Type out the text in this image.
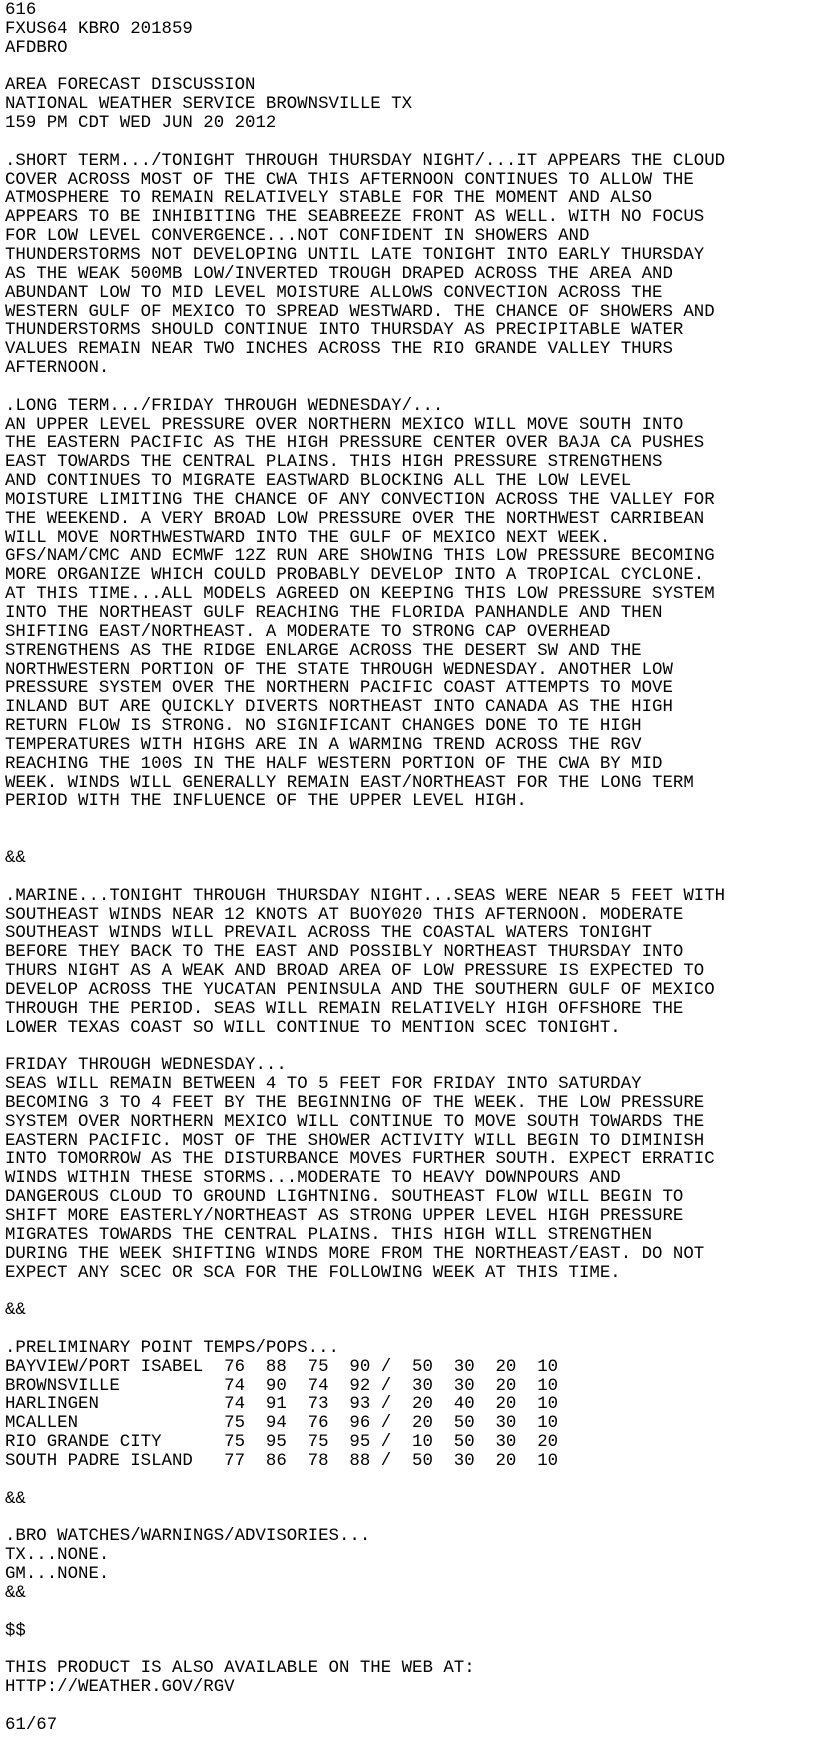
616
FXUS64 KBRO 201859
AFDBRO
AREA FORECAST DISCUSSION
NATIONAL WEATHER SERVICE BROWNSVILLE TX
159 PM CDT WED JUN 20 2012
.SHORT TERM.../TONIGHT THROUGH THURSDAY NIGHT/...IT APPEARS THE CLOUD
COVER ACROSS MOST OF THE CWA THIS AFTERNOON CONTINUES TO ALLOW THE
ATMOSPHERE TO REMAIN RELATIVELY STABLE FOR THE MOMENT AND ALSO
APPEARS TO BE INHIBITING THE SEABREEZE FRONT AS WELL. WITH NO FOCUS
FOR LOW LEVEL CONVERGENCE...NOT CONFIDENT IN SHOWERS AND
THUNDERSTORMS NOT DEVELOPING UNTIL LATE TONIGHT INTO EARLY THURSDAY
AS THE WEAK 500MB LOW/INVERTED TROUGH DRAPED ACROSS THE AREA AND
ABUNDANT LOW TO MID LEVEL MOISTURE ALLOWS CONVECTION ACROSS THE
WESTERN GULF OF MEXICO TO SPREAD WESTWARD. THE CHANCE OF SHOWERS AND
THUNDERSTORMS SHOULD CONTINUE INTO THURSDAY AS PRECIPITABLE WATER
VALUES REMAIN NEAR TWO INCHES ACROSS THE RIO GRANDE VALLEY THURS
AFTERNOON.
.LONG TERM.../FRIDAY THROUGH WEDNESDAY/...
AN UPPER LEVEL PRESSURE OVER NORTHERN MEXICO WILL MOVE SOUTH INTO
THE EASTERN PACIFIC AS THE HIGH PRESSURE CENTER OVER BAJA CA PUSHES
EAST TOWARDS THE CENTRAL PLAINS. THIS HIGH PRESSURE STRENGTHENS
AND CONTINUES TO MIGRATE EASTWARD BLOCKING ALL THE LOW LEVEL
MOISTURE LIMITING THE CHANCE OF ANY CONVECTION ACROSS THE VALLEY FOR
THE WEEKEND. A VERY BROAD LOW PRESSURE OVER THE NORTHWEST CARRIBEAN
WILL MOVE NORTHWESTWARD INTO THE GULF OF MEXICO NEXT WEEK.
GFS/NAM/CMC AND ECMWF 12Z RUN ARE SHOWING THIS LOW PRESSURE BECOMING
MORE ORGANIZE WHICH COULD PROBABLY DEVELOP INTO A TROPICAL CYCLONE.
AT THIS TIME...ALL MODELS AGREED ON KEEPING THIS LOW PRESSURE SYSTEM
INTO THE NORTHEAST GULF REACHING THE FLORIDA PANHANDLE AND THEN
SHIFTING EAST/NORTHEAST. A MODERATE TO STRONG CAP OVERHEAD
STRENGTHENS AS THE RIDGE ENLARGE ACROSS THE DESERT SW AND THE
NORTHWESTERN PORTION OF THE STATE THROUGH WEDNESDAY. ANOTHER LOW
PRESSURE SYSTEM OVER THE NORTHERN PACIFIC COAST ATTEMPTS TO MOVE
INLAND BUT ARE QUICKLY DIVERTS NORTHEAST INTO CANADA AS THE HIGH
RETURN FLOW IS STRONG. NO SIGNIFICANT CHANGES DONE TO TE HIGH
TEMPERATURES WITH HIGHS ARE IN A WARMING TREND ACROSS THE RGV
REACHING THE 100S IN THE HALF WESTERN PORTION OF THE CWA BY MID
WEEK. WINDS WILL GENERALLY REMAIN EAST/NORTHEAST FOR THE LONG TERM
PERIOD WITH THE INFLUENCE OF THE UPPER LEVEL HIGH.
&&
.MARINE...TONIGHT THROUGH THURSDAY NIGHT...SEAS WERE NEAR 5 FEET WITH
SOUTHEAST WINDS NEAR 12 KNOTS AT BUOY020 THIS AFTERNOON. MODERATE
SOUTHEAST WINDS WILL PREVAIL ACROSS THE COASTAL WATERS TONIGHT
BEFORE THEY BACK TO THE EAST AND POSSIBLY NORTHEAST THURSDAY INTO
THURS NIGHT AS A WEAK AND BROAD AREA OF LOW PRESSURE IS EXPECTED TO
DEVELOP ACROSS THE YUCATAN PENINSULA AND THE SOUTHERN GULF OF MEXICO
THROUGH THE PERIOD. SEAS WILL REMAIN RELATIVELY HIGH OFFSHORE THE
LOWER TEXAS COAST SO WILL CONTINUE TO MENTION SCEC TONIGHT.
FRIDAY THROUGH WEDNESDAY...
SEAS WILL REMAIN BETWEEN 4 TO 5 FEET FOR FRIDAY INTO SATURDAY
BECOMING 3 TO 4 FEET BY THE BEGINNING OF THE WEEK. THE LOW PRESSURE
SYSTEM OVER NORTHERN MEXICO WILL CONTINUE TO MOVE SOUTH TOWARDS THE
EASTERN PACIFIC. MOST OF THE SHOWER ACTIVITY WILL BEGIN TO DIMINISH
INTO TOMORROW AS THE DISTURBANCE MOVES FURTHER SOUTH. EXPECT ERRATIC
WINDS WITHIN THESE STORMS...MODERATE TO HEAVY DOWNPOURS AND
DANGEROUS CLOUD TO GROUND LIGHTNING. SOUTHEAST FLOW WILL BEGIN TO
SHIFT MORE EASTERLY/NORTHEAST AS STRONG UPPER LEVEL HIGH PRESSURE
MIGRATES TOWARDS THE CENTRAL PLAINS. THIS HIGH WILL STRENGTHEN
DURING THE WEEK SHIFTING WINDS MORE FROM THE NORTHEAST/EAST. DO NOT
EXPECT ANY SCEC OR SCA FOR THE FOLLOWING WEEK AT THIS TIME.
&&
.PRELIMINARY POINT TEMPS/POPS...
BAYVIEW/PORT ISABEL  76  88  75  90 /  50  30  20  10
BROWNSVILLE          74  90  74  92 /  30  30  20  10
HARLINGEN            74  91  73  93 /  20  40  20  10
MCALLEN              75  94  76  96 /  20  50  30  10
RIO GRANDE CITY      75  95  75  95 /  10  50  30  20
SOUTH PADRE ISLAND   77  86  78  88 /  50  30  20  10
&&
.BRO WATCHES/WARNINGS/ADVISORIES...
TX...NONE.
GM...NONE.
&&
$$
THIS PRODUCT IS ALSO AVAILABLE ON THE WEB AT:
HTTP://WEATHER.GOV/RGV
61/67
